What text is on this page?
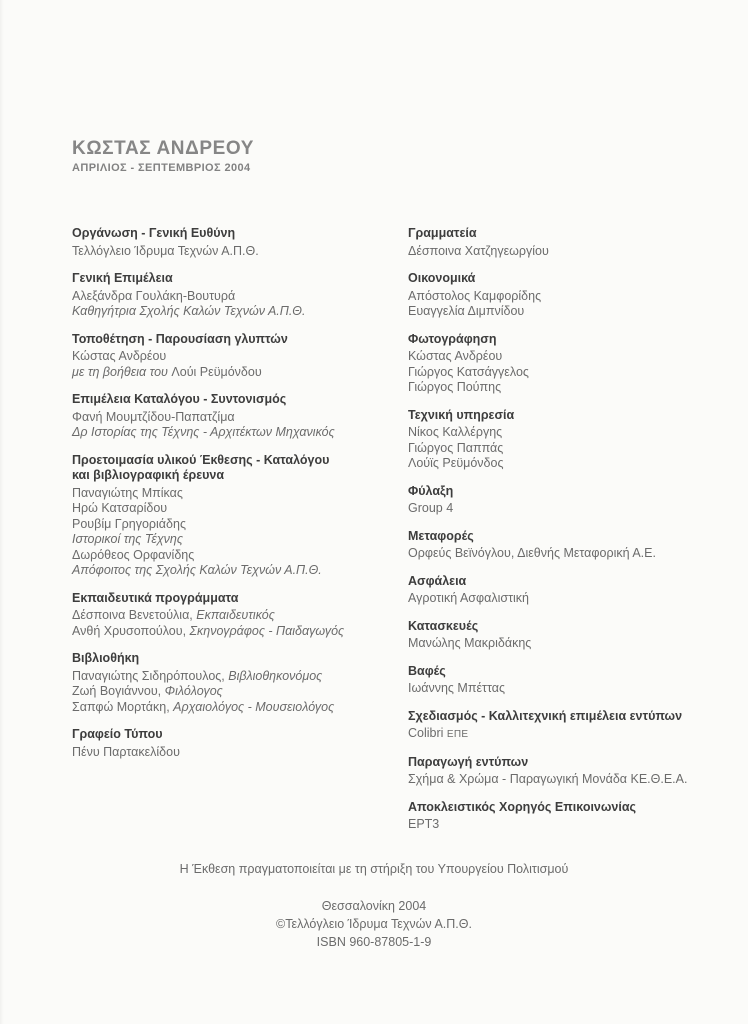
ΚΩΣΤΑΣ ΑΝΔΡΕΟΥ
ΑΠΡΙΛΙΟΣ - ΣΕΠΤΕΜΒΡΙΟΣ 2004
Οργάνωση - Γενική Ευθύνη
Τελλόγλειο Ίδρυμα Τεχνών Α.Π.Θ.
Γενική Επιμέλεια
Αλεξάνδρα Γουλάκη-Βουτυρά
Καθηγήτρια Σχολής Καλών Τεχνών Α.Π.Θ.
Τοποθέτηση - Παρουσίαση γλυπτών
Κώστας Ανδρέου
με τη βοήθεια του Λούι Ρεϋμόνδου
Επιμέλεια Καταλόγου - Συντονισμός
Φανή Μουμτζίδου-Παπατζίμα
Δρ Ιστορίας της Τέχνης - Αρχιτέκτων Μηχανικός
Προετοιμασία υλικού Έκθεσης - Καταλόγου
και βιβλιογραφική έρευνα
Παναγιώτης Μπίκας
Ηρώ Κατσαρίδου
Ρουβίμ Γρηγοριάδης
Ιστορικοί της Τέχνης
Δωρόθεος Ορφανίδης
Απόφοιτος της Σχολής Καλών Τεχνών Α.Π.Θ.
Εκπαιδευτικά προγράμματα
Δέσποινα Βενετούλια, Εκπαιδευτικός
Ανθή Χρυσοπούλου, Σκηνογράφος - Παιδαγωγός
Βιβλιοθήκη
Παναγιώτης Σιδηρόπουλος, Βιβλιοθηκονόμος
Ζωή Βογιάννου, Φιλόλογος
Σαπφώ Μορτάκη, Αρχαιολόγος - Μουσειολόγος
Γραφείο Τύπου
Πένυ Παρτακελίδου
Γραμματεία
Δέσποινα Χατζηγεωργίου
Οικονομικά
Απόστολος Καμφορίδης
Ευαγγελία Διμπνίδου
Φωτογράφηση
Κώστας Ανδρέου
Γιώργος Κατσάγγελος
Γιώργος Πούπης
Τεχνική υπηρεσία
Νίκος Καλλέργης
Γιώργος Παππάς
Λούϊς Ρεϋμόνδος
Φύλαξη
Group 4
Μεταφορές
Ορφεύς Βεϊνόγλου, Διεθνής Μεταφορική Α.Ε.
Ασφάλεια
Αγροτική Ασφαλιστική
Κατασκευές
Μανώλης Μακριδάκης
Βαφές
Ιωάννης Μπέττας
Σχεδιασμός - Καλλιτεχνική επιμέλεια εντύπων
Colibri ΕΠΕ
Παραγωγή εντύπων
Σχήμα & Χρώμα - Παραγωγική Μονάδα ΚΕ.Θ.Ε.Α.
Αποκλειστικός Χορηγός Επικοινωνίας
ΕΡΤ3
Η Έκθεση πραγματοποιείται με τη στήριξη του Υπουργείου Πολιτισμού
Θεσσαλονίκη 2004
©Τελλόγλειο Ίδρυμα Τεχνών Α.Π.Θ.
ISBN 960-87805-1-9
